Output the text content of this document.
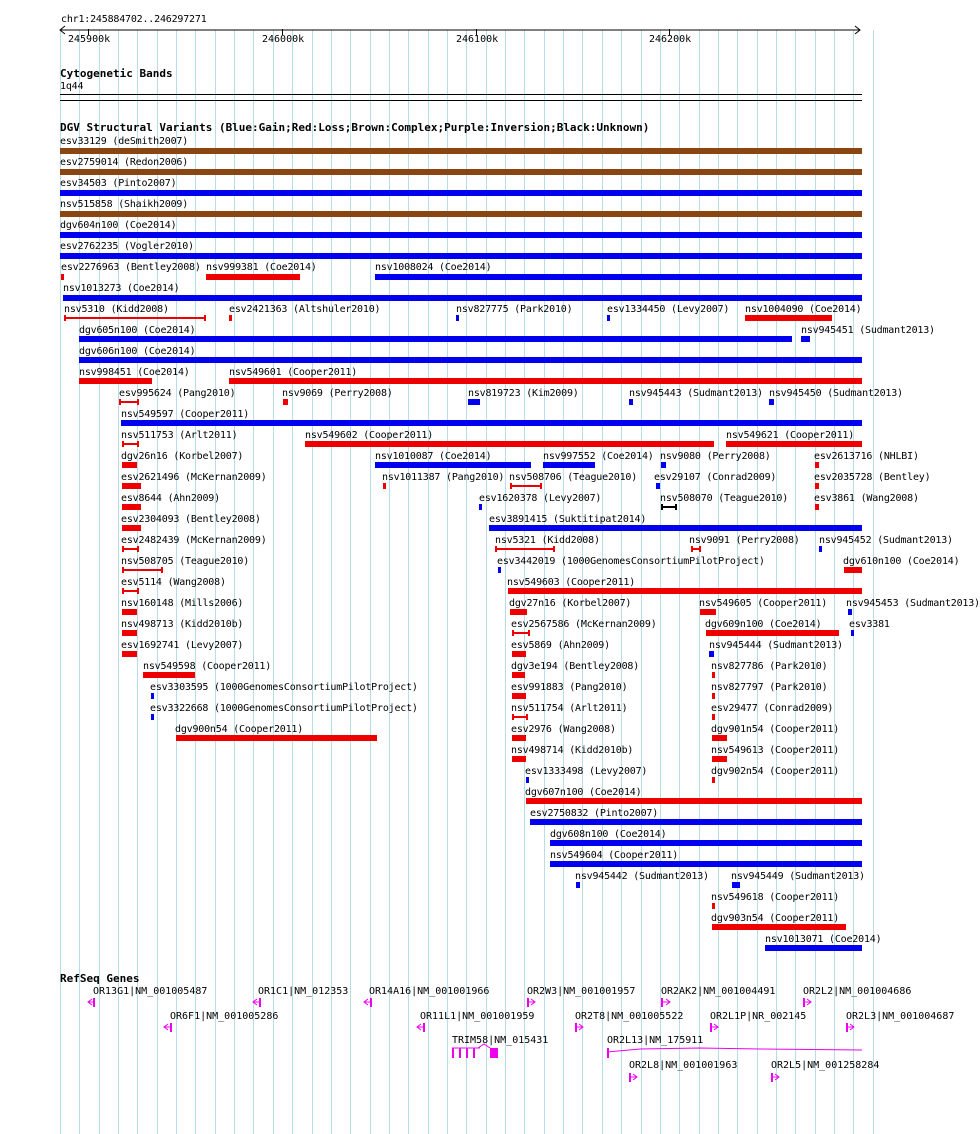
chr1:245884702..246297271
245900k	246000k	246100k	246200k
Cytogenetic Bands
1q44
DGV Structural Variants (Blue:Gain;Red:Loss;Brown:Complex;Purple:Inversion;Black:Unknown)
esv33129 (deSmith2007)
esv2759014 (Redon2006)
esv34503 (Pinto2007)
nsv515858 (Shaikh2009)
dgv604n100 (Coe2014)
esv2762235 (Vogler2010)
esv2276963 (Bentley2008) nsv999381 (Coe2014)	nsv1008024 (Coe2014)
nsv1013273 (Coe2014)
nsv5310 (Kidd2008)	esv2421363 (Altshuler2010)	nsv827775 (Park2010)	esv1334450 (Levy2007) nsv1004090 (Coe2014)
dgv605n100 (Coe2014)	nsv945451 (Sudmant2013)
dgv606n100 (Coe2014)
nsv998451 (Coe2014)	nsv549601 (Cooper2011)
esv995624 (Pang2010)	nsv9069 (Perry2008)	nsv819723 (Kim2009)	nsv945443 (Sudmant2013) nsv945450 (Sudmant2013)
nsv549597 (Cooper2011)
nsv511753 (Arlt2011)	nsv549602 (Cooper2011)	nsv549621 (Cooper2011)
dgv26n16 (Korbel2007)	nsv1010087 (Coe2014)	nsv997552 (Coe2014) nsv9080 (Perry2008)	esv2613716 (NHLBI)
esv2621496 (McKernan2009)	nsv1011387 (Pang2010) nsv508706 (Teague2010) esv29107 (Conrad2009)	esv2035728 (Bentley)
esv8644 (Ahn2009)	esv1620378 (Levy2007)	nsv508070 (Teague2010)	esv3861 (Wang2008)
esv2304093 (Bentley2008)	esv3891415 (Suktitipat2014)
esv2482439 (McKernan2009)	nsv5321 (Kidd2008)	nsv9091 (Perry2008) nsv945452 (Sudmant2013)
nsv508705 (Teague2010)	esv3442019 (1000GenomesConsortiumPilotProject)	dgv610n100 (Coe2014)
esv5114 (Wang2008)	nsv549603 (Cooper2011)
nsv160148 (Mills2006)	dgv27n16 (Korbel2007)	nsv549605 (Cooper2011) nsv945453 (Sudmant2013)
nsv498713 (Kidd2010b)	esv2567586 (McKernan2009)	dgv609n100 (Coe2014)	esv3381
esv1692741 (Levy2007)	esv5869 (Ahn2009)	nsv945444 (Sudmant2013)
nsv549598 (Cooper2011)	dgv3e194 (Bentley2008)	nsv827786 (Park2010)
esv3303595 (1000GenomesConsortiumPilotProject)	esv991883 (Pang2010)	nsv827797 (Park2010)
esv3322668 (1000GenomesConsortiumPilotProject)	nsv511754 (Arlt2011)	esv29477 (Conrad2009)
dgv900n54 (Cooper2011)	esv2976 (Wang2008)	dgv901n54 (Cooper2011)
nsv498714 (Kidd2010b)	nsv549613 (Cooper2011)
esv1333498 (Levy2007)	dgv902n54 (Cooper2011)
dgv607n100 (Coe2014)
esv2750832 (Pinto2007)
dgv608n100 (Coe2014)
nsv549604 (Cooper2011)
nsv945442 (Sudmant2013) nsv945449 (Sudmant2013)
nsv549618 (Cooper2011)
dgv903n54 (Cooper2011)
nsv1013071 (Coe2014)
RefSeq Genes
OR13G1|NM_001005487	OR1C1|NM_012353 OR14A16|NM_001001966	OR2W3|NM_001001957	OR2AK2|NM_001004491	OR2L2|NM_001004686
OR6F1|NM_001005286	OR11L1|NM_001001959	OR2T8|NM_001005522	OR2L1P|NR_002145	OR2L3|NM_001004687
TRIM58|NM_015431	OR2L13|NM_175911
OR2L8|NM_001001963	OR2L5|NM_001258284
